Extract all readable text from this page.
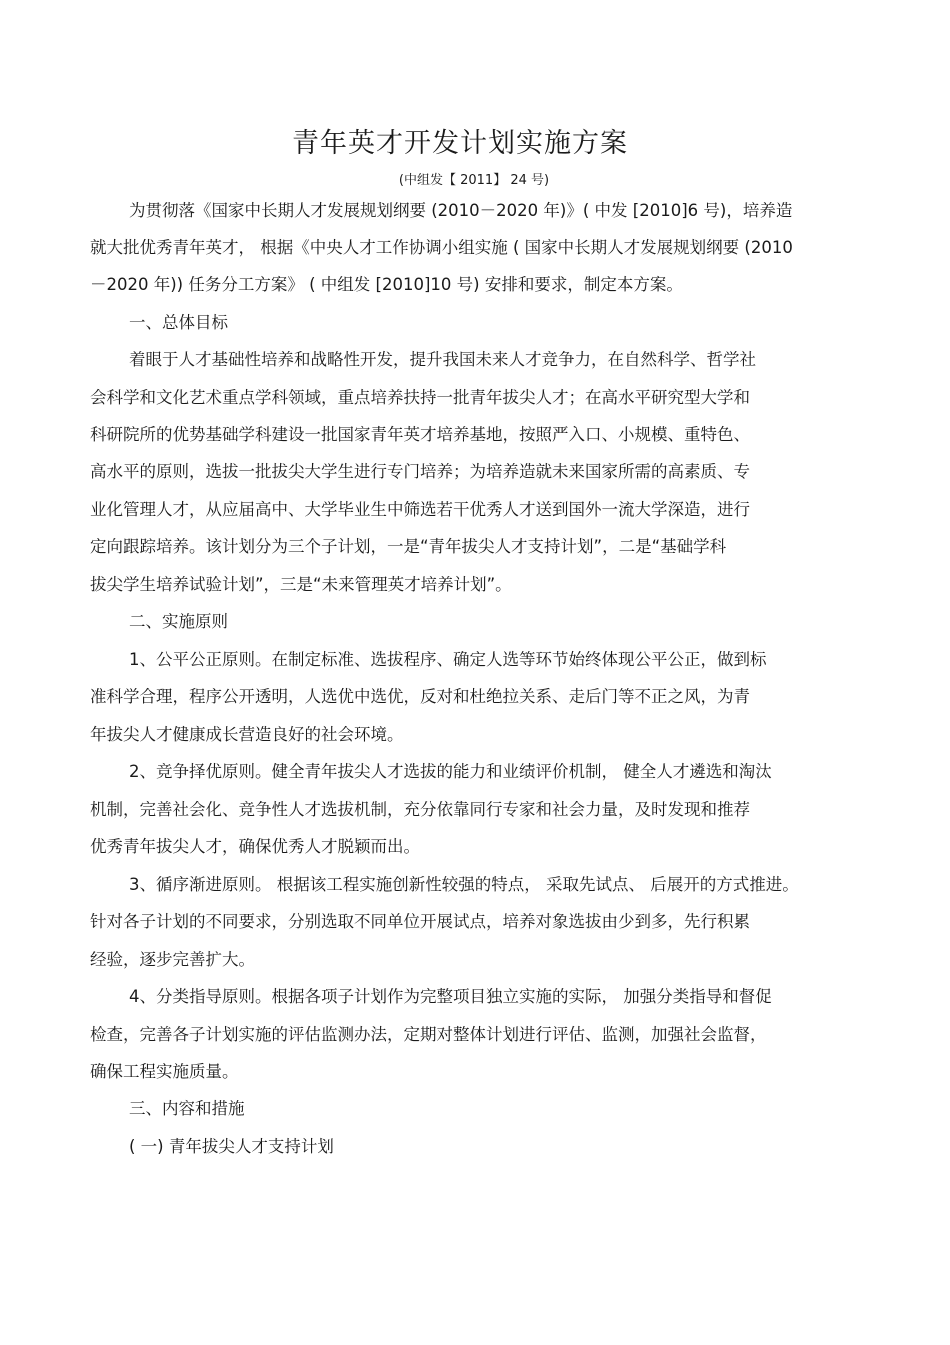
青年英才开发计划实施方案
(中组发【 2011】 24 号)
为贯彻落《国家中长期人才发展规划纲要 (2010－2020 年)》( 中发 [2010]6 号)，培养造
就大批优秀青年英才， 根据《中央人才工作协调小组实施 ( 国家中长期人才发展规划纲要 (2010
－2020 年)) 任务分工方案》 ( 中组发 [2010]10 号) 安排和要求，制定本方案。
一、总体目标
着眼于人才基础性培养和战略性开发，提升我国未来人才竞争力，在自然科学、哲学社
会科学和文化艺术重点学科领域，重点培养扶持一批青年拔尖人才；在高水平研究型大学和
科研院所的优势基础学科建设一批国家青年英才培养基地，按照严入口、小规模、重特色、
高水平的原则，选拔一批拔尖大学生进行专门培养；为培养造就未来国家所需的高素质、专
业化管理人才，从应届高中、大学毕业生中筛选若干优秀人才送到国外一流大学深造，进行
定向跟踪培养。该计划分为三个子计划，一是“青年拔尖人才支持计划”，二是“基础学科
拔尖学生培养试验计划”，三是“未来管理英才培养计划”。
二、实施原则
1、公平公正原则。在制定标准、选拔程序、确定人选等环节始终体现公平公正，做到标
准科学合理，程序公开透明，人选优中选优，反对和杜绝拉关系、走后门等不正之风，为青
年拔尖人才健康成长营造良好的社会环境。
2、竞争择优原则。健全青年拔尖人才选拔的能力和业绩评价机制， 健全人才遴选和淘汰
机制，完善社会化、竞争性人才选拔机制，充分依靠同行专家和社会力量，及时发现和推荐
优秀青年拔尖人才，确保优秀人才脱颖而出。
3、循序渐进原则。 根据该工程实施创新性较强的特点， 采取先试点、 后展开的方式推进。
针对各子计划的不同要求，分别选取不同单位开展试点，培养对象选拔由少到多，先行积累
经验，逐步完善扩大。
4、分类指导原则。根据各项子计划作为完整项目独立实施的实际， 加强分类指导和督促
检查，完善各子计划实施的评估监测办法，定期对整体计划进行评估、监测，加强社会监督，
确保工程实施质量。
三、内容和措施
( 一) 青年拔尖人才支持计划
